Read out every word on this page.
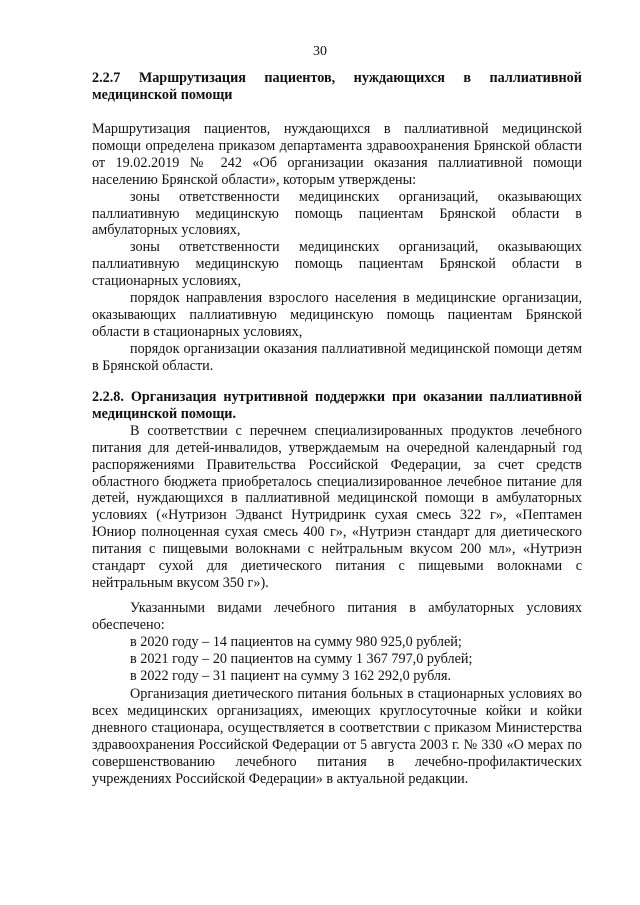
30
2.2.7 Маршрутизация пациентов, нуждающихся в паллиативной
медицинской помощи

Маршрутизация пациентов, нуждающихся в паллиативной медицинской помощи определена приказом департамента здравоохранения Брянской области от 19.02.2019 № 242 «Об организации оказания паллиативной помощи населению Брянской области», которым утверждены:

зоны ответственности медицинских организаций, оказывающих паллиативную медицинскую помощь пациентам Брянской области в амбулаторных условиях,

зоны ответственности медицинских организаций, оказывающих паллиативную медицинскую помощь пациентам Брянской области в стационарных условиях,

порядок направления взрослого населения в медицинские организации, оказывающих паллиативную медицинскую помощь пациентам Брянской области в стационарных условиях,

порядок организации оказания паллиативной медицинской помощи детям в Брянской области.

2.2.8. Организация нутритивной поддержки при оказании паллиативной медицинской помощи.

В соответствии с перечнем специализированных продуктов лечебного питания для детей-инвалидов, утверждаемым на очередной календарный год распоряжениями Правительства Российской Федерации, за счет средств областного бюджета приобреталось специализированное лечебное питание для детей, нуждающихся в паллиативной медицинской помощи в амбулаторных условиях («Нутризон Эдвансt Нутридринк сухая смесь 322 г», «Пептамен Юниор полноценная сухая смесь 400 г», «Нутриэн стандарт для диетического питания с пищевыми волокнами с нейтральным вкусом 200 мл», «Нутриэн стандарт сухой для диетического питания с пищевыми волокнами с нейтральным вкусом 350 г»).

Указанными видами лечебного питания в амбулаторных условиях обеспечено:

в 2020 году – 14 пациентов на сумму 980 925,0 рублей;
в 2021 году – 20 пациентов на сумму 1 367 797,0 рублей;
в 2022 году – 31 пациент на сумму 3 162 292,0 рубля.

Организация диетического питания больных в стационарных условиях во всех медицинских организациях, имеющих круглосуточные койки и койки дневного стационара, осуществляется в соответствии с приказом Министерства здравоохранения Российской Федерации от 5 августа 2003 г. № 330 «О мерах по совершенствованию лечебного питания в лечебно-профилактических учреждениях Российской Федерации» в актуальной редакции.
